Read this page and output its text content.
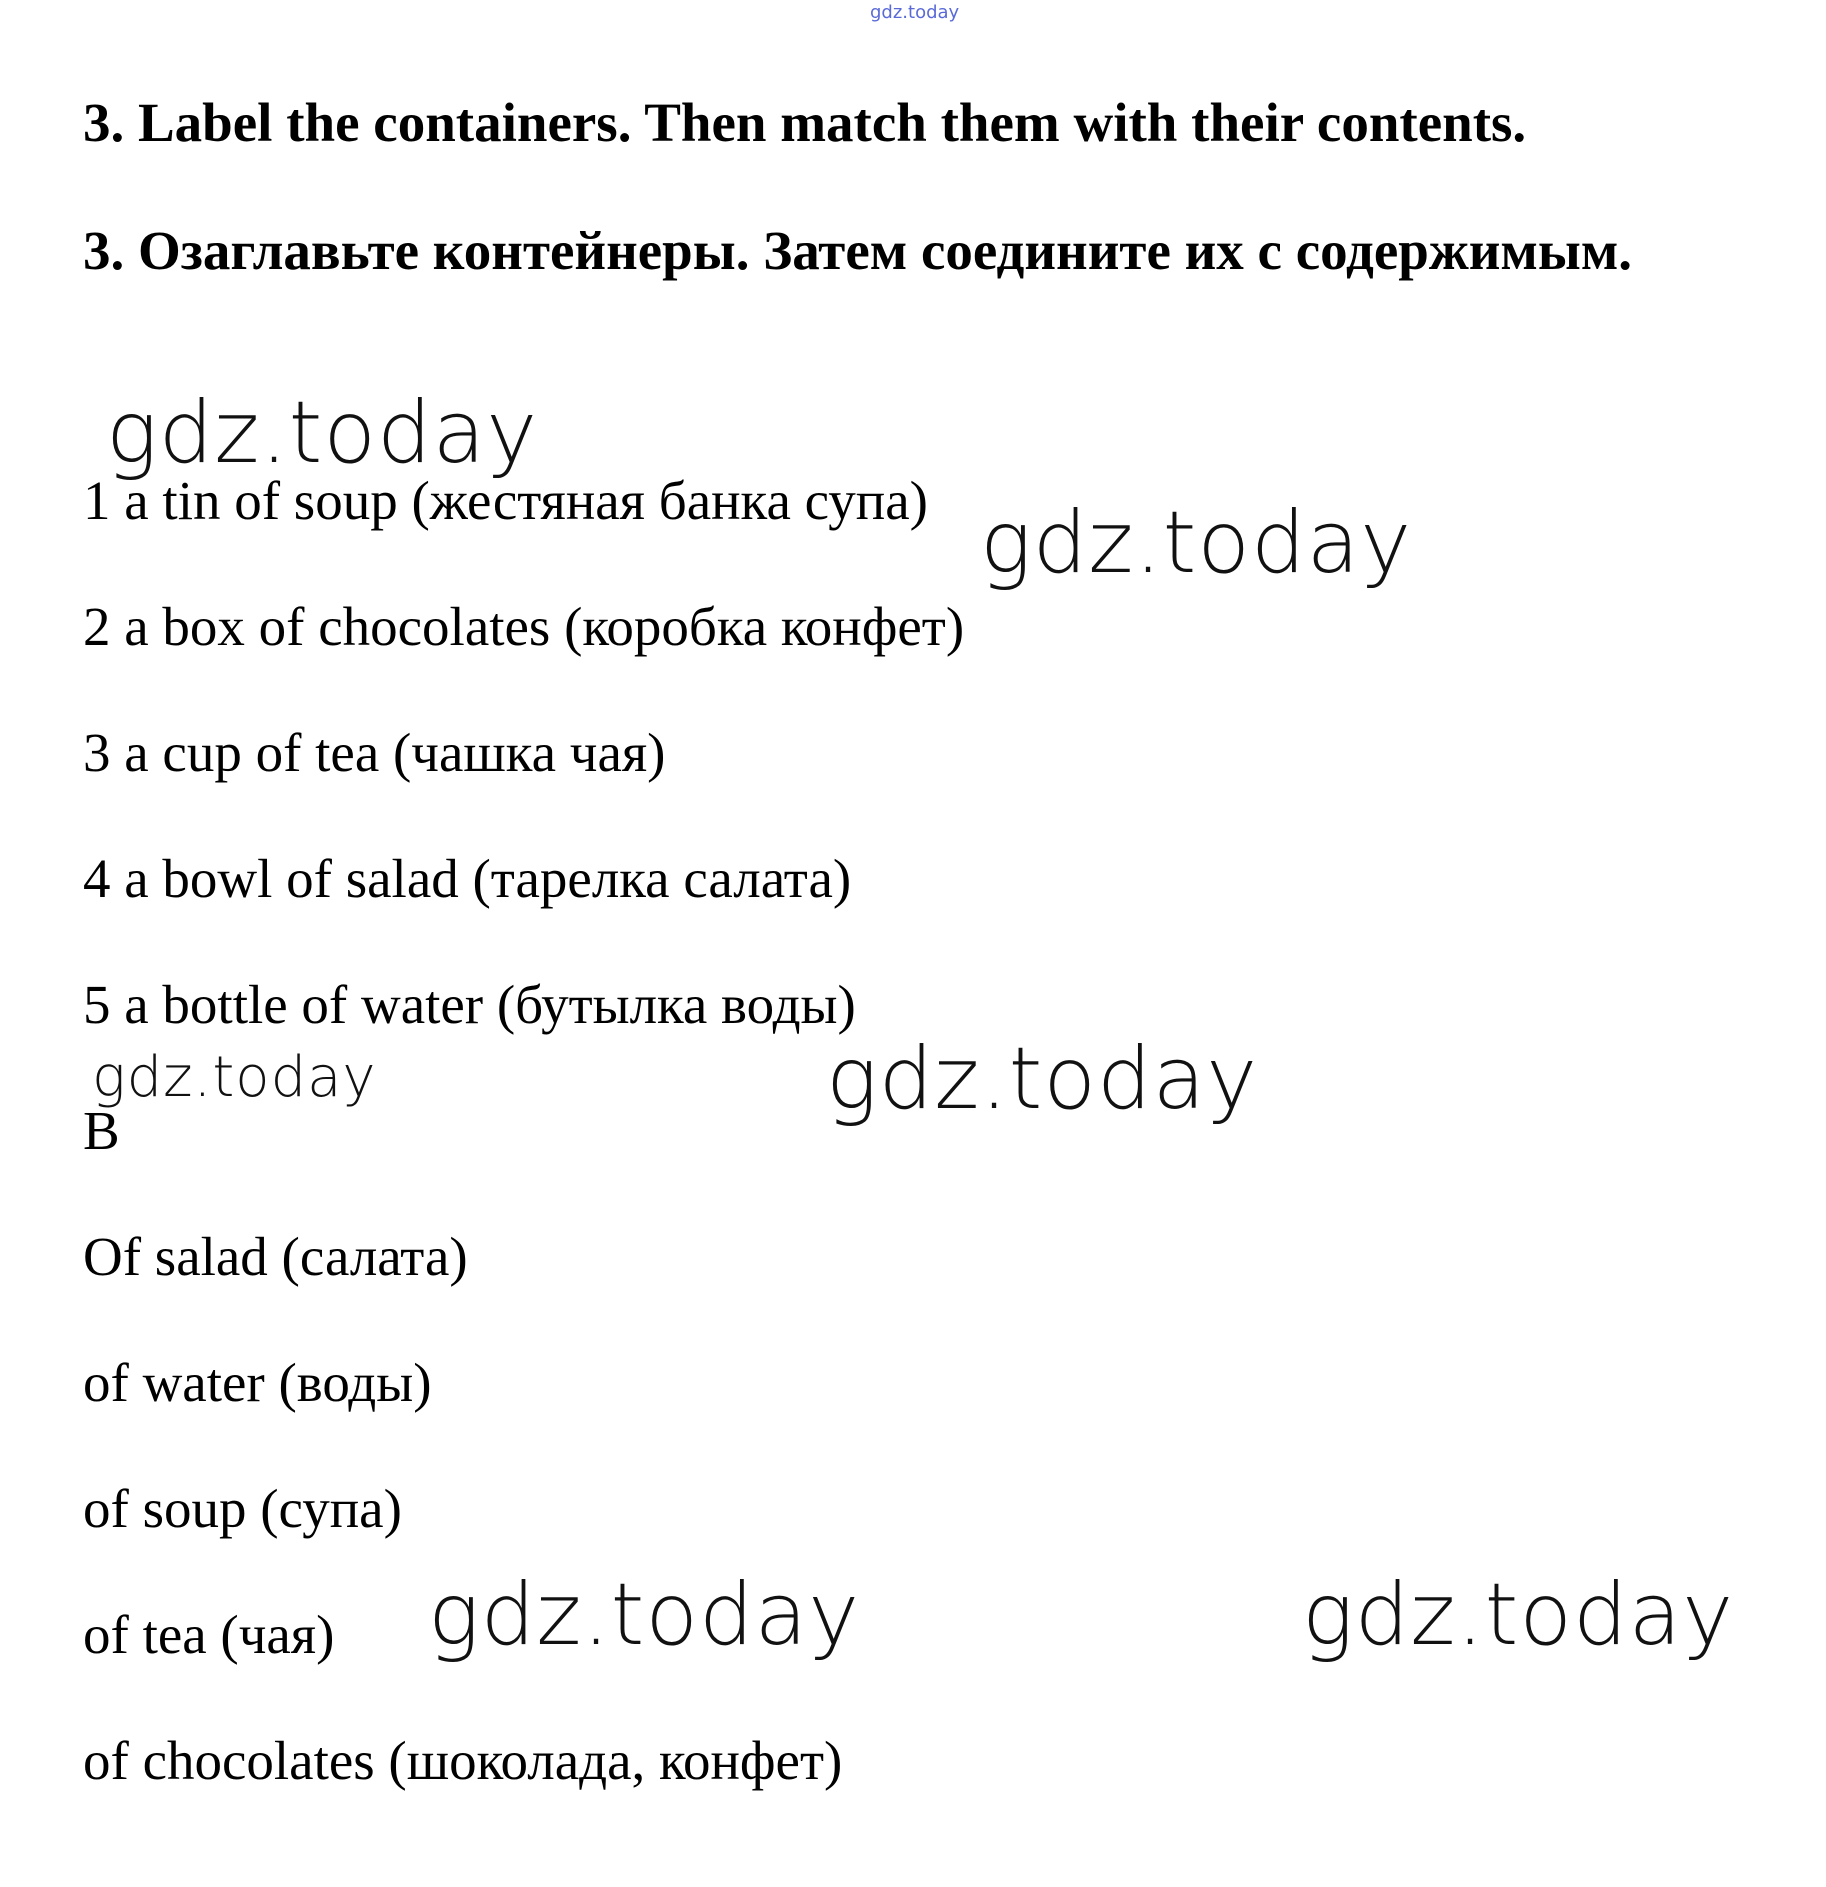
gdz.today
3. Label the containers. Then match them with their contents.
3. Озаглавьте контейнеры. Затем соедините их с содержимым.
gdz.today
1 a tin of soup (жестяная банка супа) gdz.today
2 a box of chocolates (коробка конфет)
3 a cup of tea (чашка чая)
4 a bowl of salad (тарелка салата)
5 a bottle of water (бутылка воды)
gdz.today	gdz.today
B
Of salad (салата)
of water (воды)
of soup (супа)
of tea (чая) gdz.today	gdz.today
of chocolates (шоколада, конфет)
